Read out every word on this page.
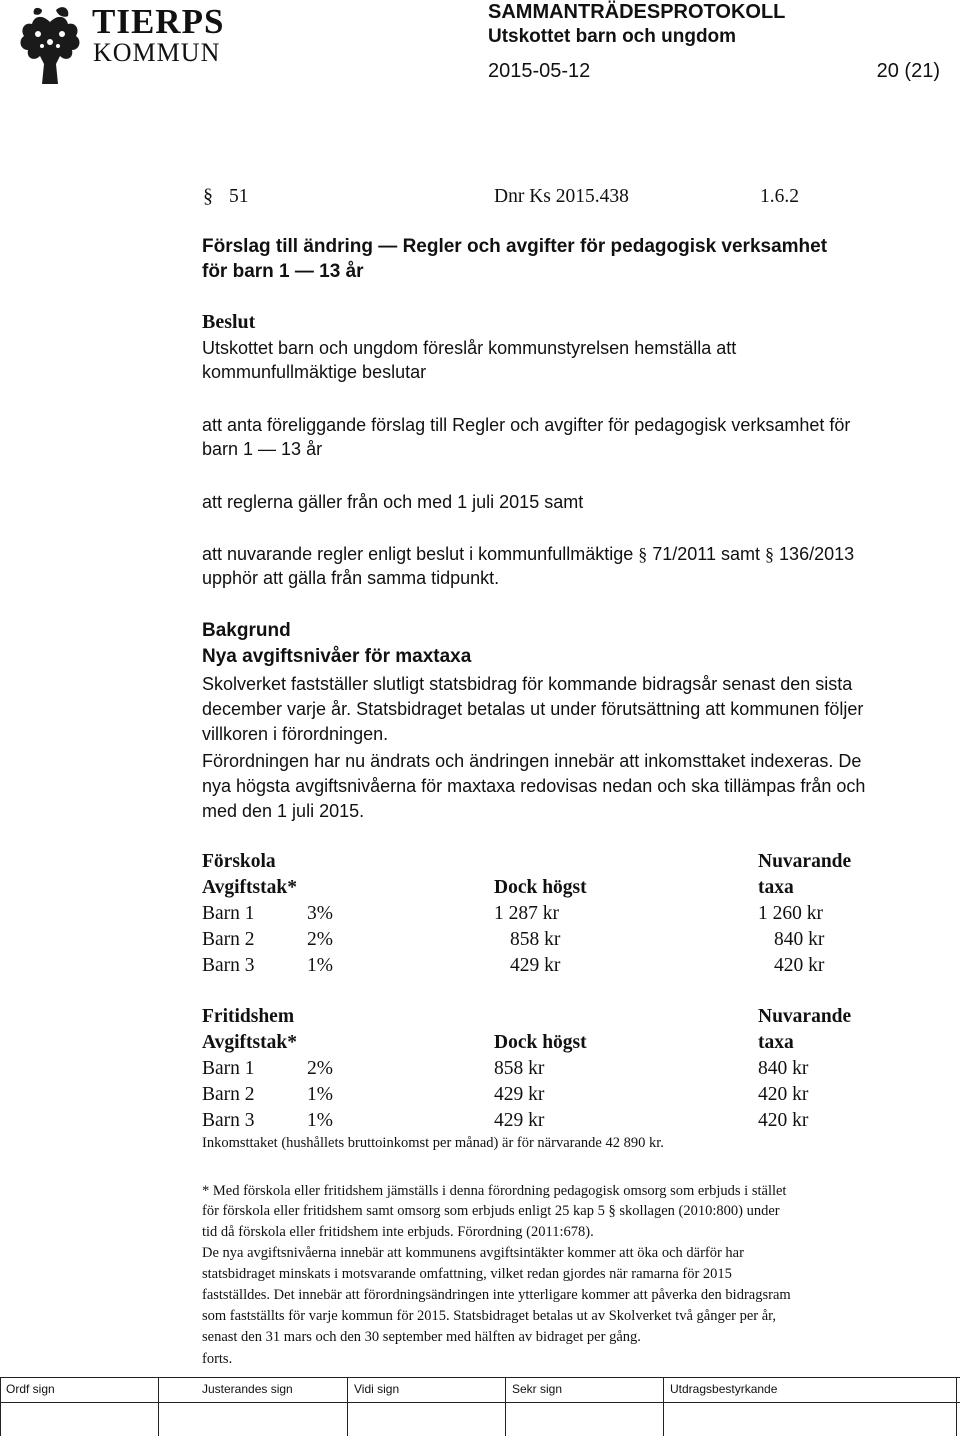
TIERPS
KOMMUN
SAMMANTRÄDESPROTOKOLL
Utskottet barn och ungdom
2015-05-12	20 (21)
§ 51	Dnr Ks 2015.438	1.6.2
Förslag till ändring — Regler och avgifter för pedagogisk verksamhet
för barn 1 — 13 år
Beslut
Utskottet barn och ungdom föreslår kommunstyrelsen hemställa att
kommunfullmäktige beslutar
att anta föreliggande förslag till Regler och avgifter för pedagogisk verksamhet för
barn 1 — 13 år
att reglerna gäller från och med 1 juli 2015 samt
att nuvarande regler enligt beslut i kommunfullmäktige § 71/2011 samt § 136/2013
upphör att gälla från samma tidpunkt.
Bakgrund
Nya avgiftsnivåer för maxtaxa
Skolverket fastställer slutligt statsbidrag för kommande bidragsår senast den sista
december varje år. Statsbidraget betalas ut under förutsättning att kommunen följer
villkoren i förordningen.
Förordningen har nu ändrats och ändringen innebär att inkomsttaket indexeras. De
nya högsta avgiftsnivåerna för maxtaxa redovisas nedan och ska tillämpas från och
med den 1 juli 2015.
Förskola	Nuvarande
Avgiftstak*	Dock högst	taxa
Barn 1	3%	1 287 kr	1 260 kr
Barn 2	2%	858 kr	840 kr
Barn 3	1%	429 kr	420 kr
Fritidshem	Nuvarande
Avgiftstak*	Dock högst	taxa
Barn 1	2%	858 kr	840 kr
Barn 2	1%	429 kr	420 kr
Barn 3	1%	429 kr	420 kr
Inkomsttaket (hushållets bruttoinkomst per månad) är för närvarande 42 890 kr.
* Med förskola eller fritidshem jämställs i denna förordning pedagogisk omsorg som erbjuds i stället
för förskola eller fritidshem samt omsorg som erbjuds enligt 25 kap 5 § skollagen (2010:800) under
tid då förskola eller fritidshem inte erbjuds. Förordning (2011:678).
De nya avgiftsnivåerna innebär att kommunens avgiftsintäkter kommer att öka och därför har
statsbidraget minskats i motsvarande omfattning, vilket redan gjordes när ramarna för 2015
fastställdes. Det innebär att förordningsändringen inte ytterligare kommer att påverka den bidragsram
som fastställts för varje kommun för 2015. Statsbidraget betalas ut av Skolverket två gånger per år,
senast den 31 mars och den 30 september med hälften av bidraget per gång.
forts.
Ordf sign	Justerandes sign	Vidi sign	Sekr sign	Utdragsbestyrkande
